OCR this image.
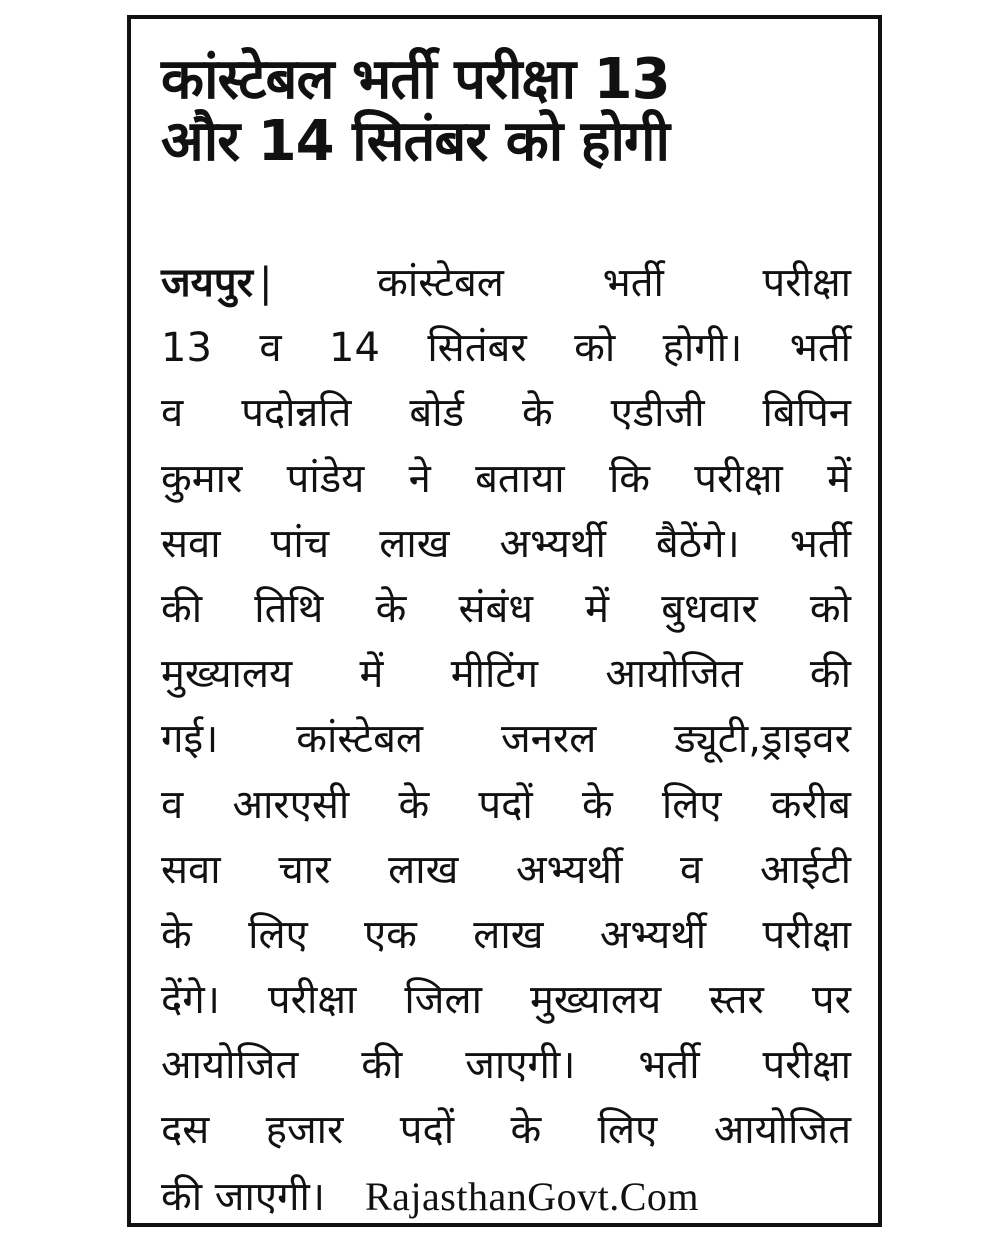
कांस्टेबल भर्ती परीक्षा 13
और 14 सितंबर को होगी
जयपुर |	कांस्टेबल भर्ती परीक्षा
13 व 14 सितंबर को होगी। भर्ती
व पदोन्नति बोर्ड के एडीजी बिपिन
कुमार पांडेय ने बताया कि परीक्षा में
सवा पांच लाख अभ्यर्थी बैठेंगे। भर्ती
की तिथि के संबंध में बुधवार को
मुख्यालय में मीटिंग आयोजित की
गई। कांस्टेबल जनरल ड्यूटी,ड्राइवर
व आरएसी के पदों के लिए करीब
सवा चार लाख अभ्यर्थी व आईटी
के लिए एक लाख अभ्यर्थी परीक्षा
देंगे। परीक्षा जिला मुख्यालय स्तर पर
आयोजित की जाएगी। भर्ती परीक्षा
दस हजार पदों के लिए आयोजित
की जाएगी। RajasthanGovt.Com
